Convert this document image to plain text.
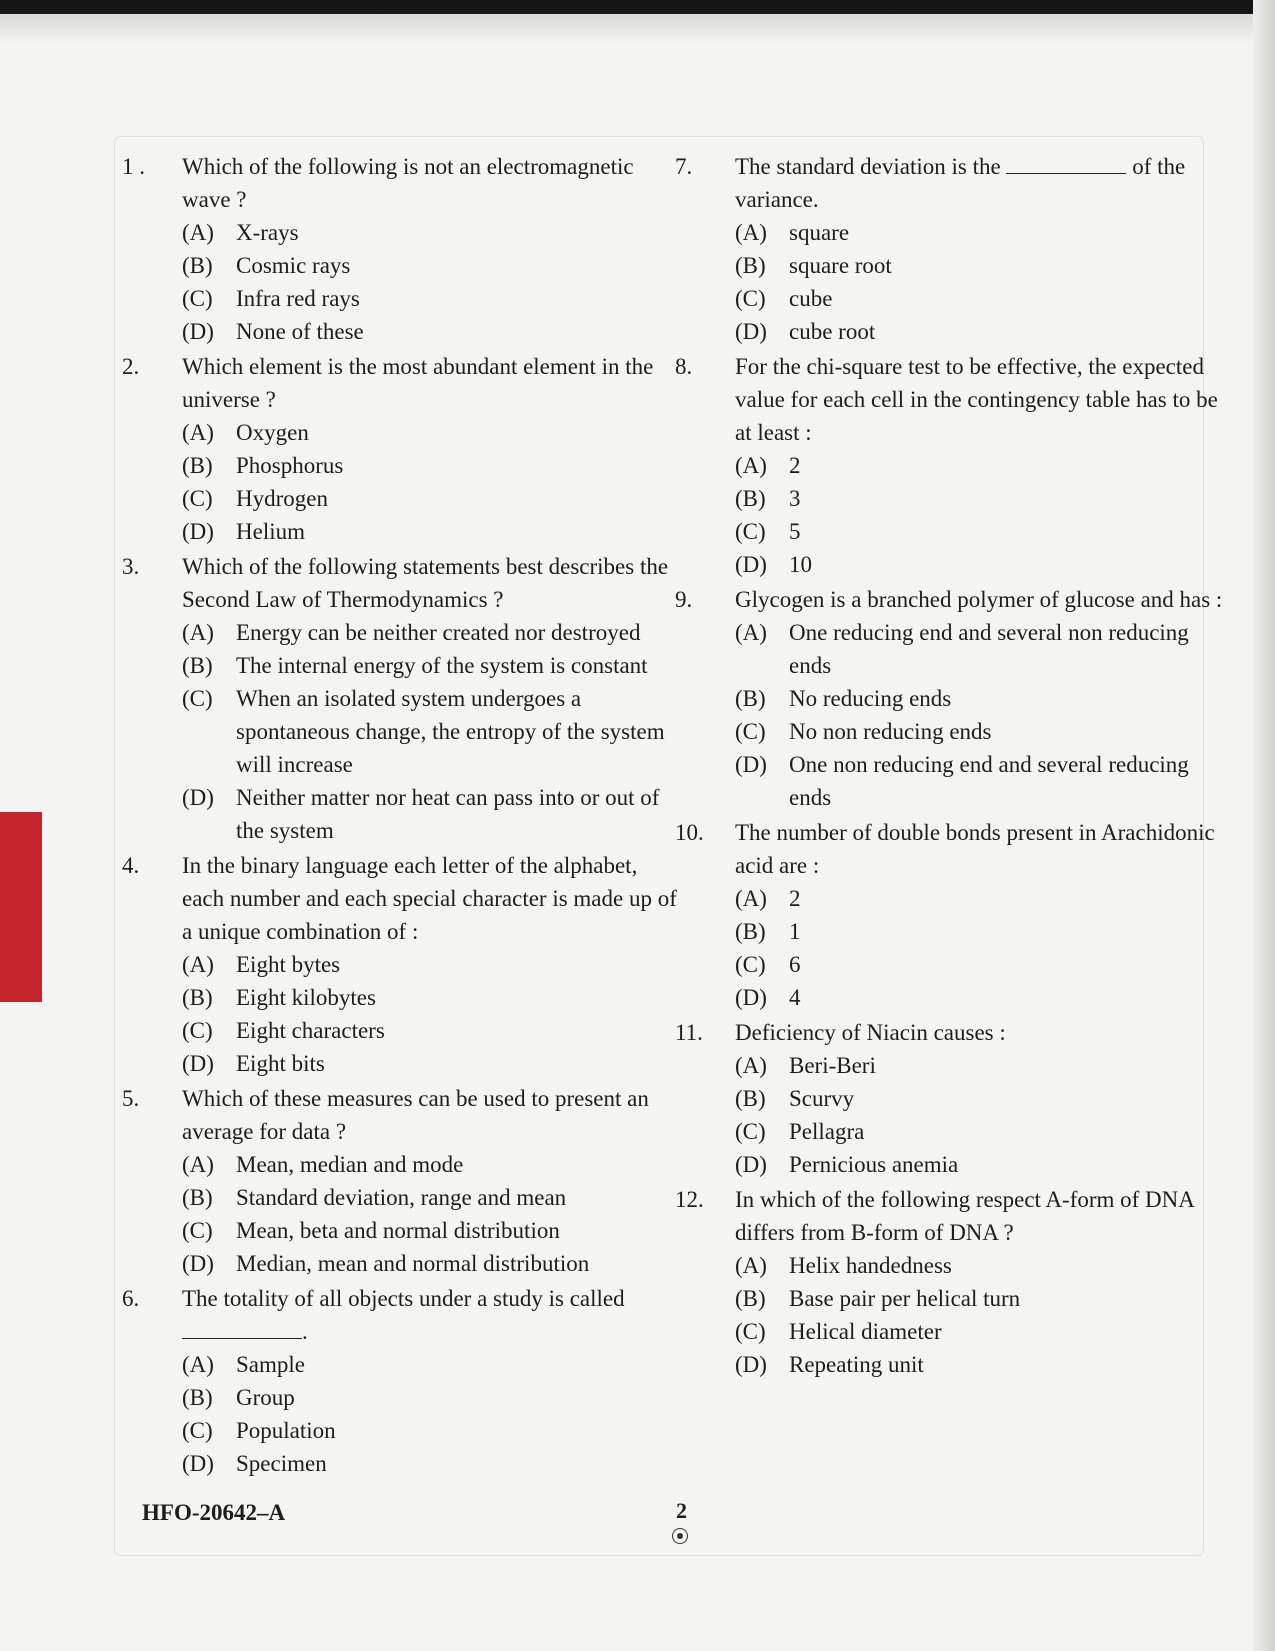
1 .	Which of the following is not an electromagnetic wave ?
(A) X-rays
(B)	Cosmic rays
(C)	Infra red rays
(D) None of these
2.	Which element is the most abundant element in the universe ?
(A) Oxygen
(B)	Phosphorus
(C)	Hydrogen
(D) Helium
3.	Which of the following statements best describes the Second Law of Thermodynamics ?
(A) Energy can be neither created nor destroyed
(B)	The internal energy of the system is constant
(C)	When an isolated system undergoes a spontaneous change, the entropy of the system will increase
(D) Neither matter nor heat can pass into or out of the system
4.	In the binary language each letter of the alphabet, each number and each special character is made up of a unique combination of :
(A) Eight bytes
(B)	Eight kilobytes
(C)	Eight characters
(D) Eight bits
5.	Which of these measures can be used to present an average for data ?
(A) Mean, median and mode
(B)	Standard deviation, range and mean
(C)	Mean, beta and normal distribution
(D) Median, mean and normal distribution
6.	The totality of all objects under a study is called
.
(A) Sample
(B)	Group
(C)	Population
(D) Specimen
7.	The standard deviation is the	of the variance.
(A) square
(B)	square root
(C)	cube
(D) cube root
8.	For the chi-square test to be effective, the expected value for each cell in the contingency table has to be at least :
(A) 2
(B)	3
(C)	5
(D) 10
9.	Glycogen is a branched polymer of glucose and has :
(A) One reducing end and several non reducing ends
(B)	No reducing ends
(C)	No non reducing ends
(D) One non reducing end and several reducing ends
10.	The number of double bonds present in Arachidonic acid are :
(A) 2
(B)	1
(C)	6
(D) 4
11.	Deficiency of Niacin causes :
(A) Beri-Beri
(B)	Scurvy
(C)	Pellagra
(D) Pernicious anemia
12.	In which of the following respect A-form of DNA differs from B-form of DNA ?
(A) Helix handedness
(B)	Base pair per helical turn
(C)	Helical diameter
(D) Repeating unit
HFO-20642–A	2
